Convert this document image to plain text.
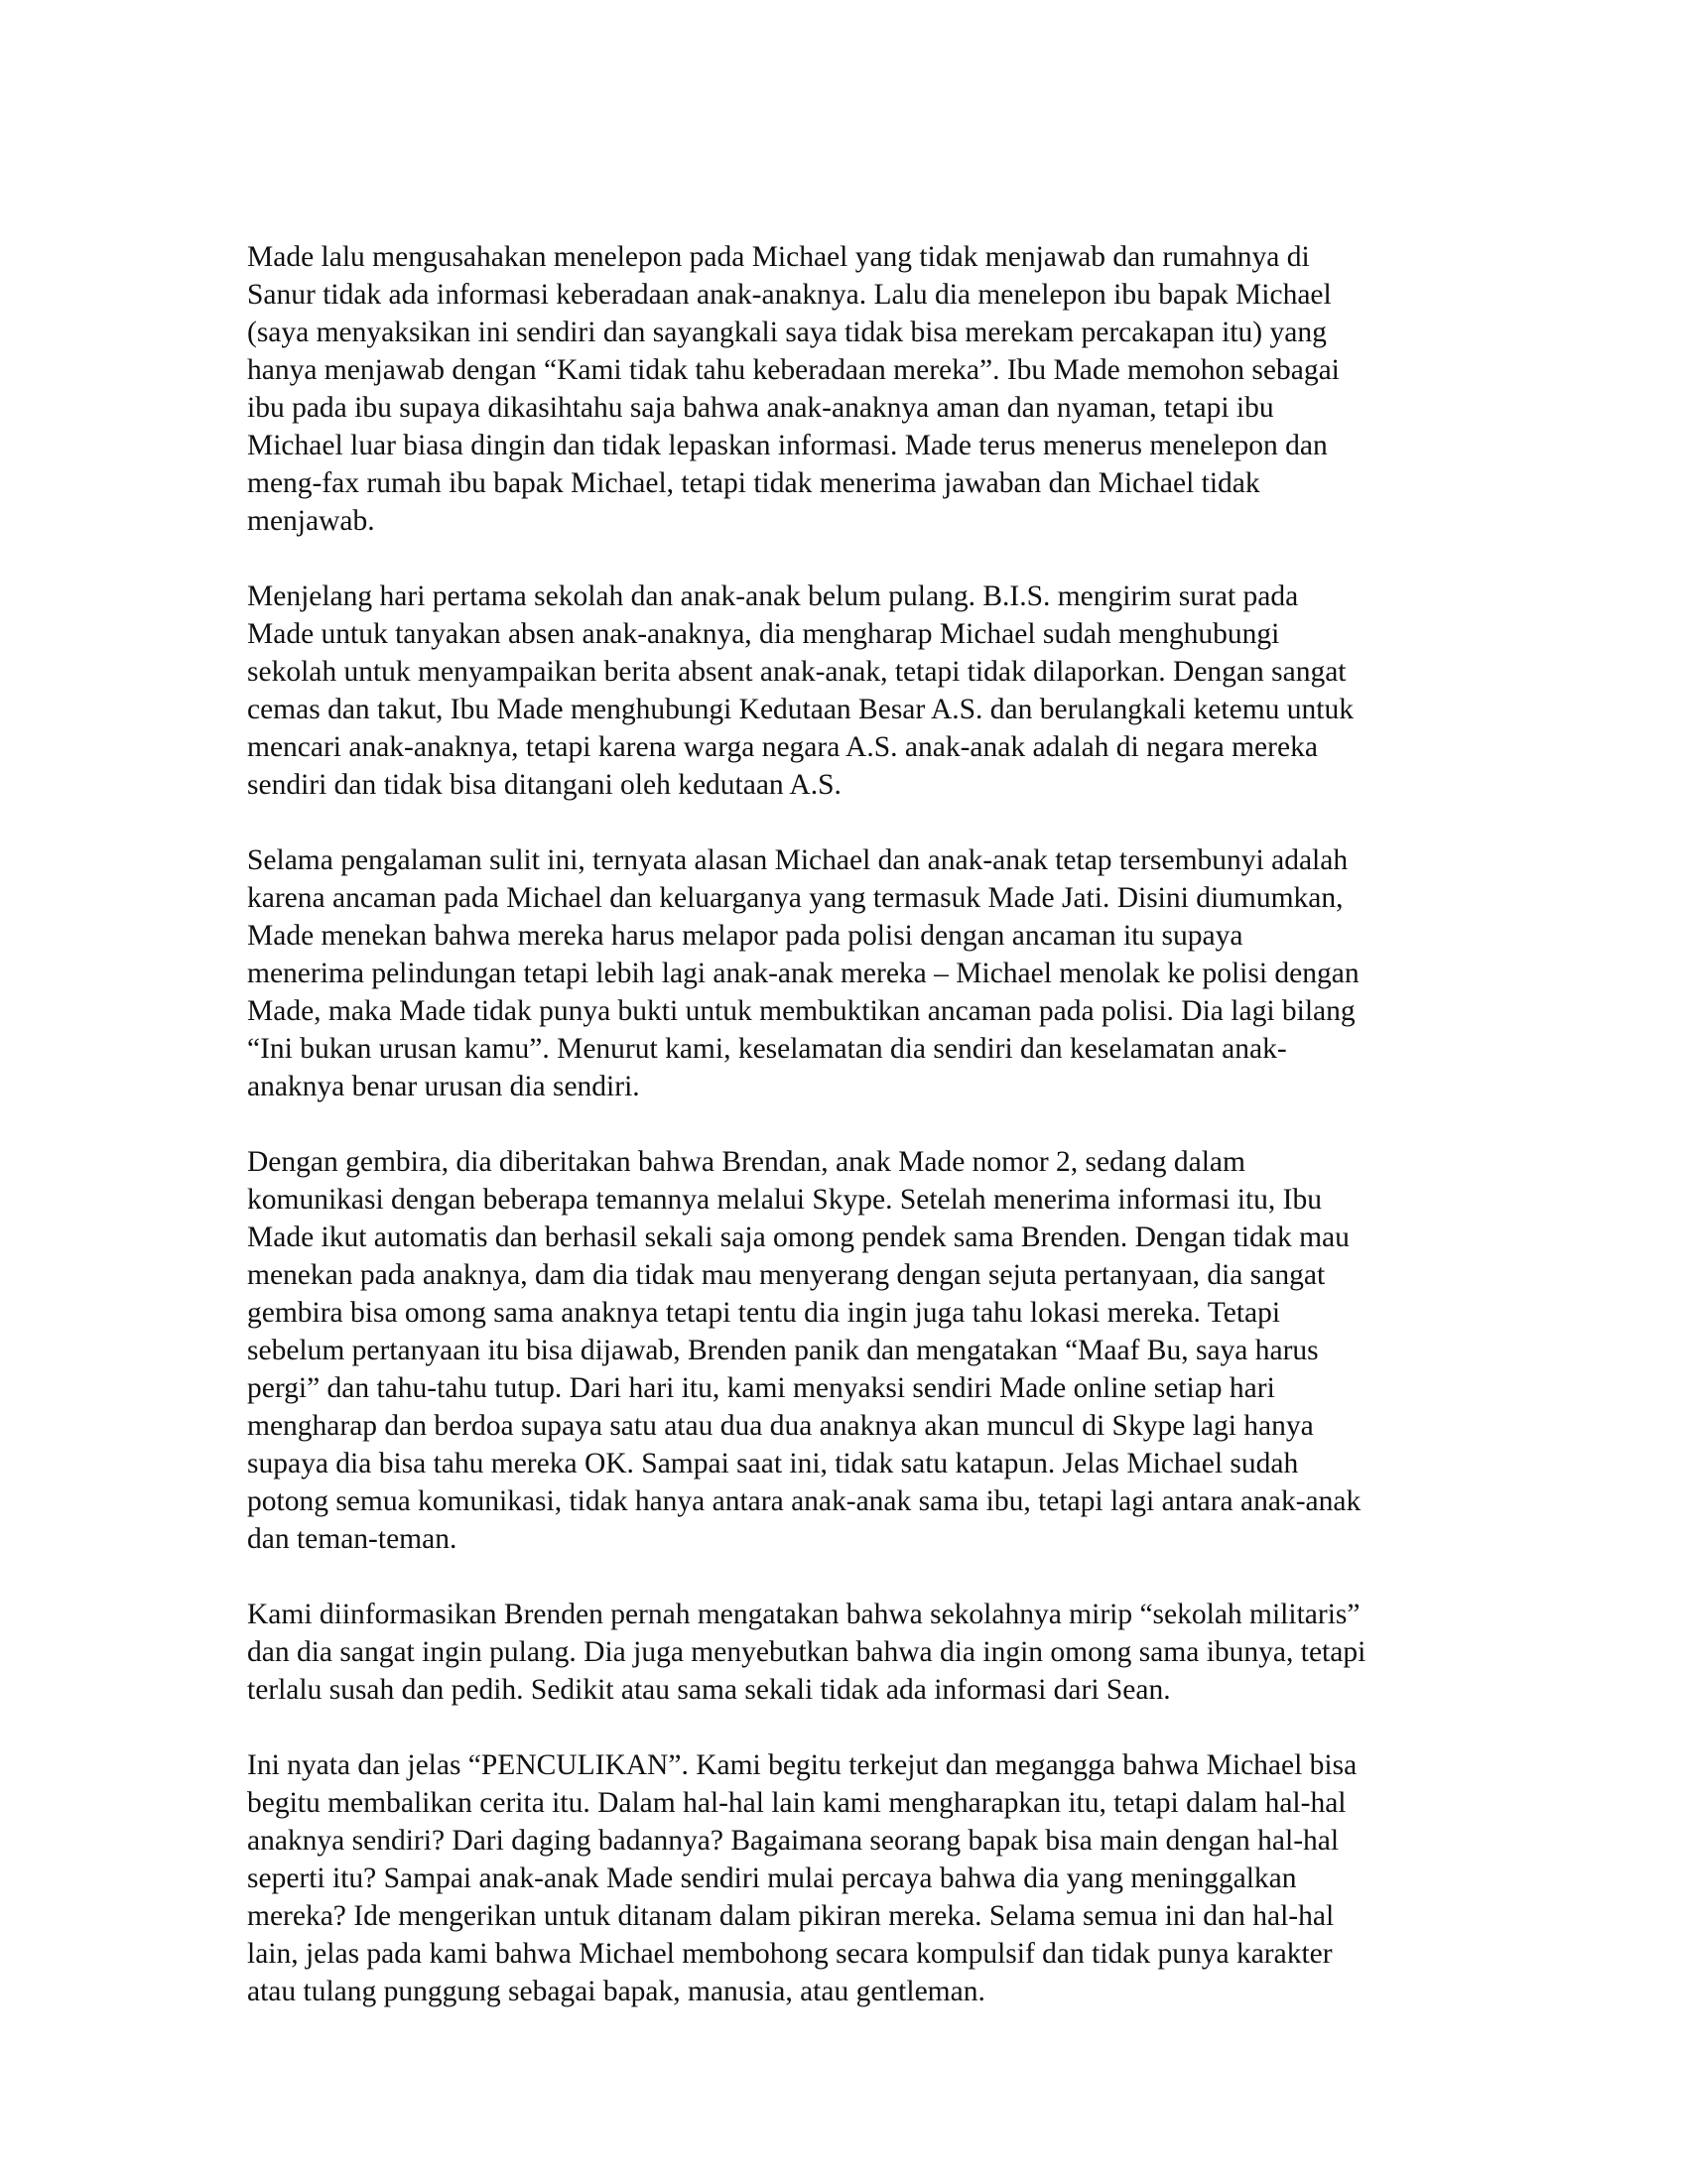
Made lalu mengusahakan menelepon pada Michael yang tidak menjawab dan rumahnya di
Sanur tidak ada informasi keberadaan anak-anaknya. Lalu dia menelepon ibu bapak Michael
(saya menyaksikan ini sendiri dan sayangkali saya tidak bisa merekam percakapan itu) yang
hanya menjawab dengan “Kami tidak tahu keberadaan mereka”. Ibu Made memohon sebagai
ibu pada ibu supaya dikasihtahu saja bahwa anak-anaknya aman dan nyaman, tetapi ibu
Michael luar biasa dingin dan tidak lepaskan informasi. Made terus menerus menelepon dan
meng-fax rumah ibu bapak Michael, tetapi tidak menerima jawaban dan Michael tidak
menjawab.

Menjelang hari pertama sekolah dan anak-anak belum pulang. B.I.S. mengirim surat pada
Made untuk tanyakan absen anak-anaknya, dia mengharap Michael sudah menghubungi
sekolah untuk menyampaikan berita absent anak-anak, tetapi tidak dilaporkan. Dengan sangat
cemas dan takut, Ibu Made menghubungi Kedutaan Besar A.S. dan berulangkali ketemu untuk
mencari anak-anaknya, tetapi karena warga negara A.S. anak-anak adalah di negara mereka
sendiri dan tidak bisa ditangani oleh kedutaan A.S.

Selama pengalaman sulit ini, ternyata alasan Michael dan anak-anak tetap tersembunyi adalah
karena ancaman pada Michael dan keluarganya yang termasuk Made Jati. Disini diumumkan,
Made menekan bahwa mereka harus melapor pada polisi dengan ancaman itu supaya
menerima pelindungan tetapi lebih lagi anak-anak mereka – Michael menolak ke polisi dengan
Made, maka Made tidak punya bukti untuk membuktikan ancaman pada polisi. Dia lagi bilang
“Ini bukan urusan kamu”. Menurut kami, keselamatan dia sendiri dan keselamatan anak-
anaknya benar urusan dia sendiri.

Dengan gembira, dia diberitakan bahwa Brendan, anak Made nomor 2, sedang dalam
komunikasi dengan beberapa temannya melalui Skype. Setelah menerima informasi itu, Ibu
Made ikut automatis dan berhasil sekali saja omong pendek sama Brenden. Dengan tidak mau
menekan pada anaknya, dam dia tidak mau menyerang dengan sejuta pertanyaan, dia sangat
gembira bisa omong sama anaknya tetapi tentu dia ingin juga tahu lokasi mereka. Tetapi
sebelum pertanyaan itu bisa dijawab, Brenden panik dan mengatakan “Maaf Bu, saya harus
pergi” dan tahu-tahu tutup. Dari hari itu, kami menyaksi sendiri Made online setiap hari
mengharap dan berdoa supaya satu atau dua dua anaknya akan muncul di Skype lagi hanya
supaya dia bisa tahu mereka OK. Sampai saat ini, tidak satu katapun. Jelas Michael sudah
potong semua komunikasi, tidak hanya antara anak-anak sama ibu, tetapi lagi antara anak-anak
dan teman-teman.

Kami diinformasikan Brenden pernah mengatakan bahwa sekolahnya mirip “sekolah militaris”
dan dia sangat ingin pulang. Dia juga menyebutkan bahwa dia ingin omong sama ibunya, tetapi
terlalu susah dan pedih. Sedikit atau sama sekali tidak ada informasi dari Sean.

Ini nyata dan jelas “PENCULIKAN”. Kami begitu terkejut dan megangga bahwa Michael bisa
begitu membalikan cerita itu. Dalam hal-hal lain kami mengharapkan itu, tetapi dalam hal-hal
anaknya sendiri? Dari daging badannya? Bagaimana seorang bapak bisa main dengan hal-hal
seperti itu? Sampai anak-anak Made sendiri mulai percaya bahwa dia yang meninggalkan
mereka? Ide mengerikan untuk ditanam dalam pikiran mereka. Selama semua ini dan hal-hal
lain, jelas pada kami bahwa Michael membohong secara kompulsif dan tidak punya karakter
atau tulang punggung sebagai bapak, manusia, atau gentleman.
